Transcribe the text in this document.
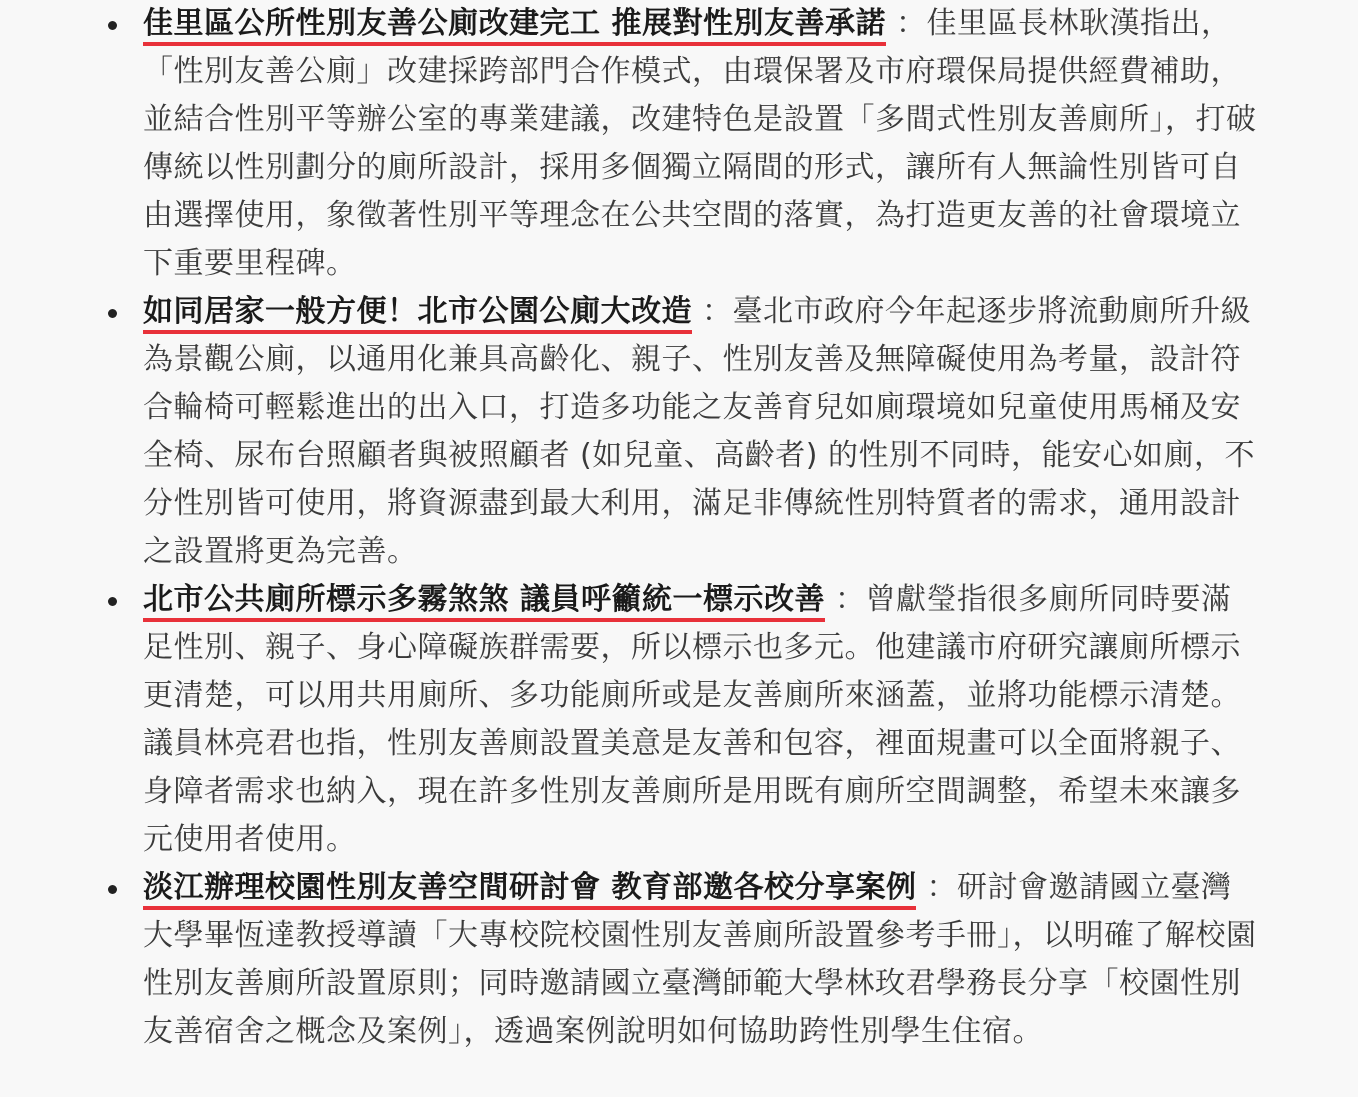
佳里區公所性別友善公廁改建完工 推展對性別友善承諾 ：佳里區長林耿漢指出，「性別友善公廁」改建採跨部門合作模式，由環保署及市府環保局提供經費補助，並結合性別平等辦公室的專業建議，改建特色是設置「多間式性別友善廁所」，打破傳統以性別劃分的廁所設計，採用多個獨立隔間的形式，讓所有人無論性別皆可自由選擇使用，象徵著性別平等理念在公共空間的落實，為打造更友善的社會環境立下重要里程碑。
如同居家一般方便！北市公園公廁大改造 ：臺北市政府今年起逐步將流動廁所升級為景觀公廁，以通用化兼具高齡化、親子、性別友善及無障礙使用為考量，設計符合輪椅可輕鬆進出的出入口，打造多功能之友善育兒如廁環境如兒童使用馬桶及安全椅、尿布台照顧者與被照顧者 (如兒童、高齡者) 的性別不同時，能安心如廁，不分性別皆可使用，將資源盡到最大利用，滿足非傳統性別特質者的需求，通用設計之設置將更為完善。
北市公共廁所標示多霧煞煞 議員呼籲統一標示改善 ：曾獻瑩指很多廁所同時要滿足性別、親子、身心障礙族群需要，所以標示也多元。他建議市府研究讓廁所標示更清楚，可以用共用廁所、多功能廁所或是友善廁所來涵蓋，並將功能標示清楚。議員林亮君也指，性別友善廁設置美意是友善和包容，裡面規畫可以全面將親子、身障者需求也納入，現在許多性別友善廁所是用既有廁所空間調整，希望未來讓多元使用者使用。
淡江辦理校園性別友善空間研討會 教育部邀各校分享案例 ：研討會邀請國立臺灣大學畢恆達教授導讀「大專校院校園性別友善廁所設置參考手冊」，以明確了解校園性別友善廁所設置原則；同時邀請國立臺灣師範大學林玫君學務長分享「校園性別友善宿舍之概念及案例」，透過案例說明如何協助跨性別學生住宿。
